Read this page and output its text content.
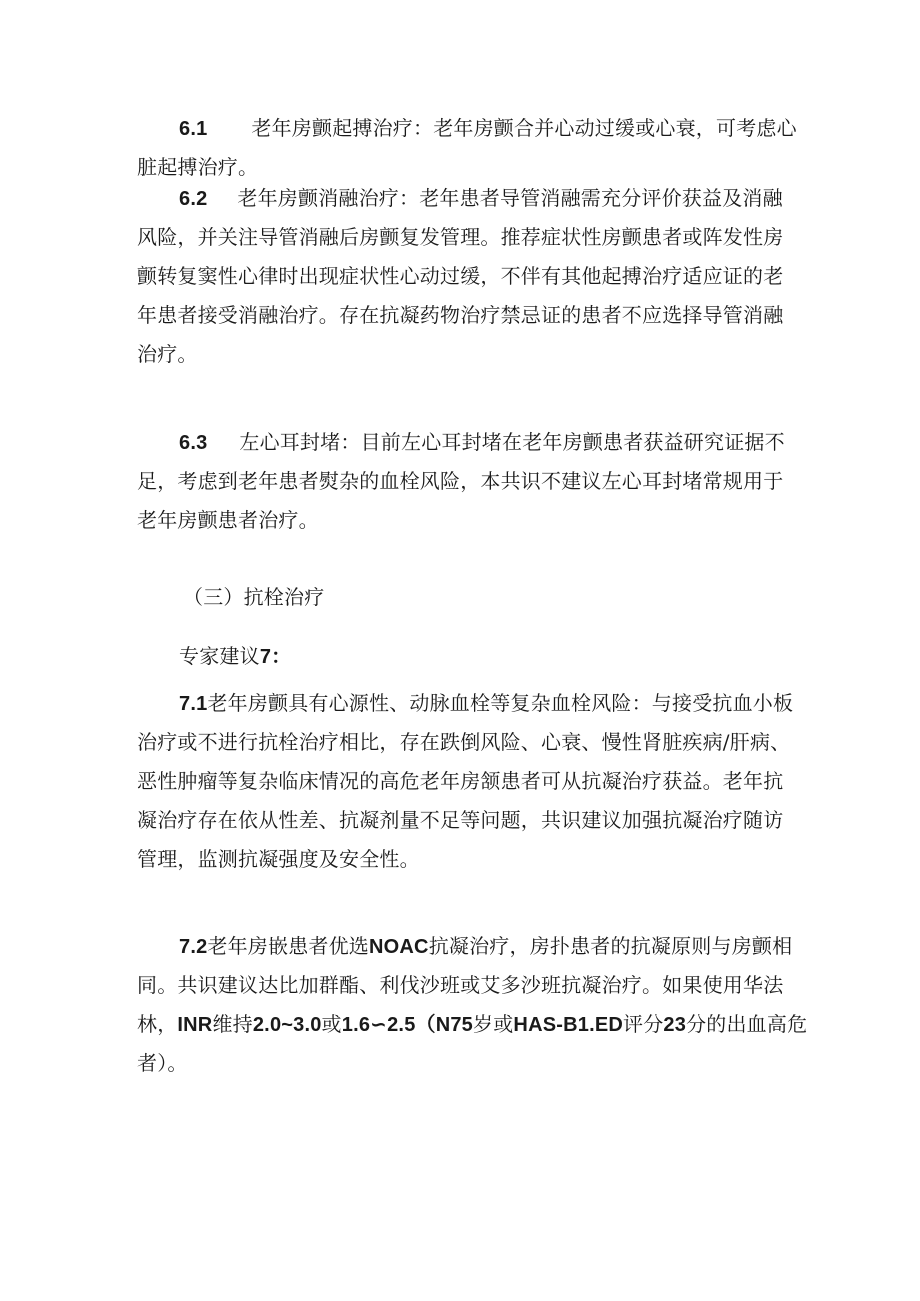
6.1 老年房颤起搏治疗：老年房颤合并心动过缓或心衰，可考虑心
脏起搏治疗。
6.2 老年房颤消融治疗：老年患者导管消融需充分评价获益及消融
风险，并关注导管消融后房颤复发管理。推荐症状性房颤患者或阵发性房
颤转复窦性心律时出现症状性心动过缓，不伴有其他起搏治疗适应证的老
年患者接受消融治疗。存在抗凝药物治疗禁忌证的患者不应选择导管消融
治疗。
6.3 左心耳封堵：目前左心耳封堵在老年房颤患者获益研究证据不
足，考虑到老年患者熨杂的血栓风险，本共识不建议左心耳封堵常规用于
老年房颤患者治疗。
（三）抗栓治疗
专家建议7：
7.1老年房颤具有心源性、动脉血栓等复杂血栓风险：与接受抗血小板
治疗或不进行抗栓治疗相比，存在跌倒风险、心衰、慢性肾脏疾病/肝病、
恶性肿瘤等复杂临床情况的高危老年房颔患者可从抗凝治疗获益。老年抗
凝治疗存在依从性差、抗凝剂量不足等问题，共识建议加强抗凝治疗随访
管理，监测抗凝强度及安全性。
7.2老年房嵌患者优选NOAC抗凝治疗，房扑患者的抗凝原则与房颤相
同。共识建议达比加群酯、利伐沙班或艾多沙班抗凝治疗。如果使用华法
林，INR维持2.0~3.0或1.6∽2.5（N75岁或HAS-B1.ED评分23分的出血高危
者）。
